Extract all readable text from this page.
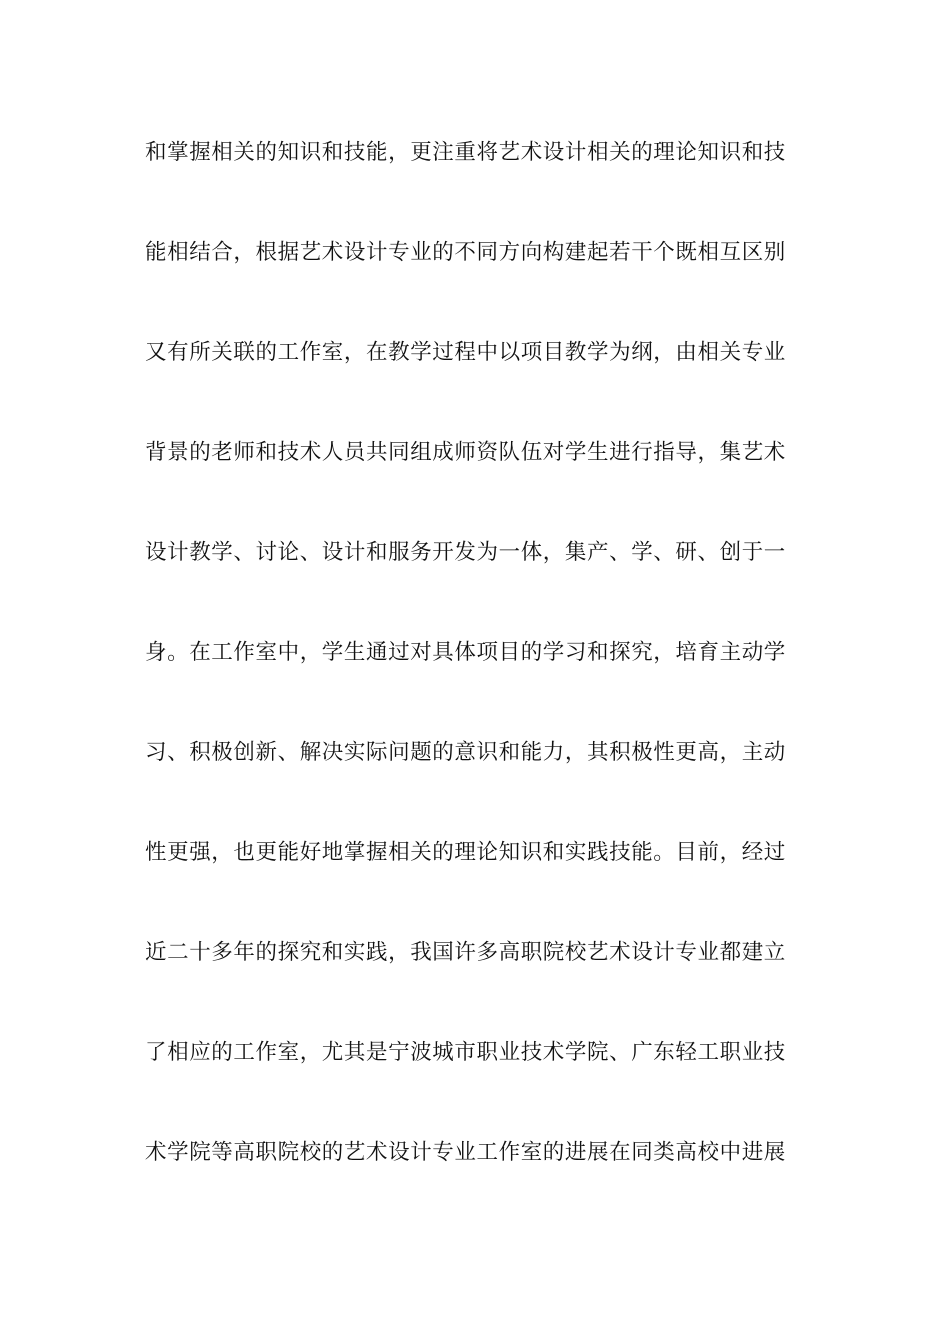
和掌握相关的知识和技能，更注重将艺术设计相关的理论知识和技
能相结合，根据艺术设计专业的不同方向构建起若干个既相互区别
又有所关联的工作室，在教学过程中以项目教学为纲，由相关专业
背景的老师和技术人员共同组成师资队伍对学生进行指导，集艺术
设计教学、讨论、设计和服务开发为一体，集产、学、研、创于一
身。在工作室中，学生通过对具体项目的学习和探究，培育主动学
习、积极创新、解决实际问题的意识和能力，其积极性更高，主动
性更强，也更能好地掌握相关的理论知识和实践技能。目前，经过
近二十多年的探究和实践，我国许多高职院校艺术设计专业都建立
了相应的工作室，尤其是宁波城市职业技术学院、广东轻工职业技
术学院等高职院校的艺术设计专业工作室的进展在同类高校中进展
